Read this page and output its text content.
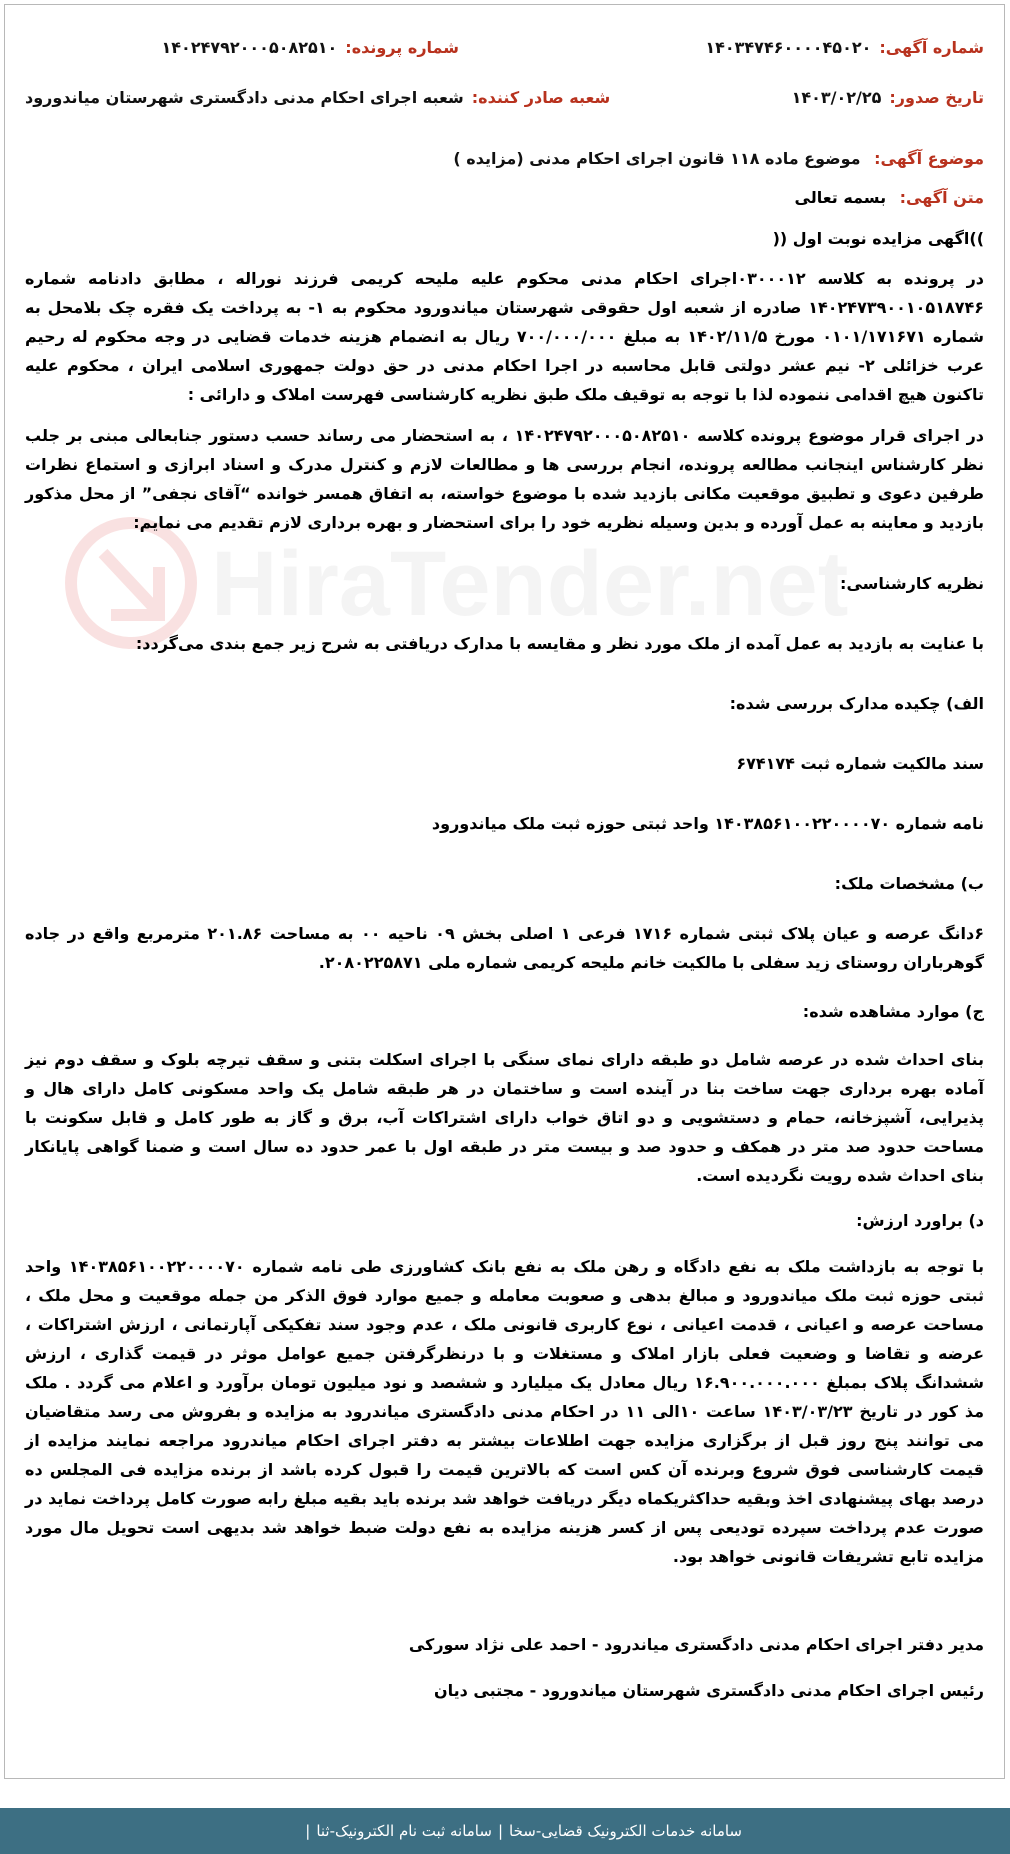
HiraTender.net
شماره آگهی:
۱۴۰۳۴۷۴۶۰۰۰۰۴۵۰۲۰
شماره پرونده:
۱۴۰۲۴۷۹۲۰۰۰۵۰۸۲۵۱۰
تاریخ صدور:
۱۴۰۳/۰۲/۲۵
شعبه صادر کننده:
شعبه اجرای احکام مدنی دادگستری شهرستان میاندورود
موضوع آگهی: موضوع ماده ۱۱۸ قانون اجرای احکام مدنی (مزایده )
متن آگهی: بسمه تعالی
))اگهی مزایده نوبت اول ((
در پرونده به کلاسه ۰۳۰۰۰۱۲اجرای احکام مدنی محکوم علیه ملیحه کریمی فرزند نوراله ، مطابق دادنامه شماره ۱۴۰۲۴۷۳۹۰۰۱۰۵۱۸۷۴۶ صادره از شعبه اول حقوقی شهرستان میاندورود محکوم به ۱- به پرداخت یک فقره چک بلامحل به شماره ۰۱۰۱/۱۷۱۶۷۱ مورخ ۱۴۰۲/۱۱/۵ به مبلغ ۷۰۰/۰۰۰/۰۰۰ ریال به انضمام هزینه خدمات قضایی در وجه محکوم له رحیم عرب خزائلی ۲- نیم عشر دولتی قابل محاسبه در اجرا احکام مدنی در حق دولت جمهوری اسلامی ایران ، محکوم علیه تاکنون هیچ اقدامی ننموده لذا با توجه به توقیف ملک طبق نظریه کارشناسی فهرست املاک و دارائی :
در اجرای قرار موضوع پرونده کلاسه ۱۴۰۲۴۷۹۲۰۰۰۵۰۸۲۵۱۰ ، به استحضار می رساند حسب دستور جنابعالی مبنی بر جلب نظر کارشناس اینجانب مطالعه پرونده، انجام بررسی ها و مطالعات لازم و کنترل مدرک و اسناد ابرازی و استماع نظرات طرفین دعوی و تطبیق موقعیت مکانی بازدید شده با موضوع خواسته، به اتفاق همسر خوانده “آقای نجفی” از محل مذکور بازدید و معاینه به عمل آورده و بدین وسیله نظریه خود را برای استحضار و بهره برداری لازم تقدیم می نمایم:
نظریه کارشناسی:
با عنایت به بازدید به عمل آمده از ملک مورد نظر و مقایسه با مدارک دریافتی به شرح زیر جمع بندی می‌گردد:
الف) چکیده مدارک بررسی شده:
سند مالکیت شماره ثبت ۶۷۴۱۷۴
نامه شماره ۱۴۰۳۸۵۶۱۰۰۲۲۰۰۰۰۷۰ واحد ثبتی حوزه ثبت ملک میاندورود
ب) مشخصات ملک:
۶دانگ عرصه و عیان پلاک ثبتی شماره ۱۷۱۶ فرعی ۱ اصلی بخش ۰۹ ناحیه ۰۰ به مساحت ۲۰۱.۸۶ مترمربع واقع در جاده گوهرباران روستای زید سفلی با مالکیت خانم ملیحه کریمی شماره ملی ۲۰۸۰۲۲۵۸۷۱.
ج) موارد مشاهده شده:
بنای احداث شده در عرصه شامل دو طبقه دارای نمای سنگی با اجرای اسکلت بتنی و سقف تیرچه بلوک و سقف دوم نیز آماده بهره برداری جهت ساخت بنا در آینده است و ساختمان در هر طبقه شامل یک واحد مسکونی کامل دارای هال و پذیرایی، آشپزخانه، حمام و دستشویی و دو اتاق خواب دارای اشتراکات آب، برق و گاز به طور کامل و قابل سکونت با مساحت حدود صد متر در همکف و حدود صد و بیست متر در طبقه اول با عمر حدود ده سال است و ضمنا گواهی پایانکار بنای احداث شده رویت نگردیده است.
د) براورد ارزش:
با توجه به بازداشت ملک به نفع دادگاه و رهن ملک به نفع بانک کشاورزی طی نامه شماره ۱۴۰۳۸۵۶۱۰۰۲۲۰۰۰۰۷۰ واحد ثبتی حوزه ثبت ملک میاندورود و مبالغ بدهی و صعوبت معامله و جمیع موارد فوق الذکر من جمله موقعیت و محل ملک ، مساحت عرصه و اعیانی ، قدمت اعیانی ، نوع کاربری قانونی ملک ، عدم وجود سند تفکیکی آپارتمانی ، ارزش اشتراکات ، عرضه و تقاضا و وضعیت فعلی بازار املاک و مستغلات و با درنظرگرفتن جمیع عوامل موثر در قیمت گذاری ، ارزش ششدانگ پلاک بمبلغ ۱۶.۹۰۰.۰۰۰.۰۰۰ ریال معادل یک میلیارد و ششصد و نود میلیون تومان برآورد و اعلام می گردد . ملک مذ کور در تاریخ ۱۴۰۳/۰۳/۲۳ ساعت ۱۰الی ۱۱ در احکام مدنی دادگستری میاندرود به مزایده و بفروش می رسد متقاضیان می توانند پنج روز قبل از برگزاری مزایده جهت اطلاعات بیشتر به دفتر اجرای احکام میاندرود مراجعه نمایند مزایده از قیمت کارشناسی فوق شروع وبرنده آن کس است که بالاترین قیمت را قبول کرده باشد از برنده مزایده فی المجلس ده درصد بهای پیشنهادی اخذ وبقیه حداکثریکماه دیگر دریافت خواهد شد برنده باید بقیه مبلغ رابه صورت کامل پرداخت نماید در صورت عدم پرداخت سپرده تودیعی پس از کسر هزینه مزایده به نفع دولت ضبط خواهد شد بدیهی است تحویل مال مورد مزایده تابع تشریفات قانونی خواهد بود.
مدیر دفتر اجرای احکام مدنی دادگستری میاندرود - احمد علی نژاد سورکی
رئیس اجرای احکام مدنی دادگستری شهرستان میاندورود - مجتبی دیان
سامانه خدمات الکترونیک قضایی-سخا
|
سامانه ثبت نام الکترونیک-ثنا
|
